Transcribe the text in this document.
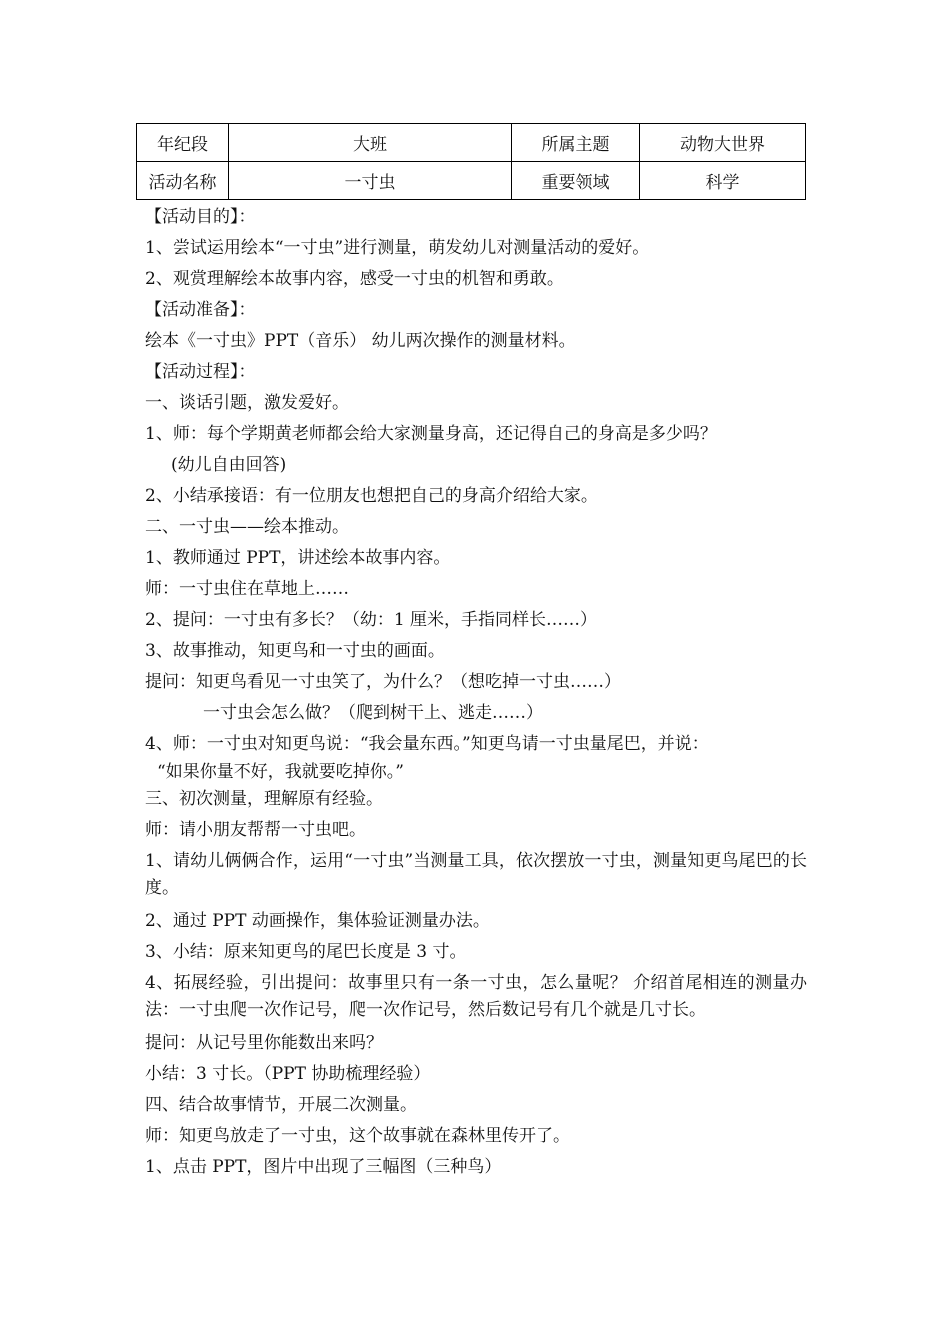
年纪段	大班	所属主题	动物大世界
活动名称	一寸虫	重要领域	科学
【活动目的】：
1、尝试运用绘本“一寸虫”进行测量，萌发幼儿对测量活动的爱好。
2、观赏理解绘本故事内容，感受一寸虫的机智和勇敢。
【活动准备】：
绘本《一寸虫》PPT（音乐） 幼儿两次操作的测量材料。
【活动过程】：
一、谈话引题，激发爱好。
1、师：每个学期黄老师都会给大家测量身高，还记得自己的身高是多少吗？
(幼儿自由回答)
2、小结承接语：有一位朋友也想把自己的身高介绍给大家。
二、一寸虫——绘本推动。
1、教师通过 PPT，讲述绘本故事内容。
师：一寸虫住在草地上……
2、提问：一寸虫有多长？（幼：1 厘米，手指同样长……）
3、故事推动，知更鸟和一寸虫的画面。
提问：知更鸟看见一寸虫笑了，为什么？（想吃掉一寸虫……）
一寸虫会怎么做？（爬到树干上、逃走……）
4、师：一寸虫对知更鸟说：“我会量东西。”知更鸟请一寸虫量尾巴，并说：
“如果你量不好，我就要吃掉你。”
三、初次测量，理解原有经验。
师：请小朋友帮帮一寸虫吧。
1、请幼儿俩俩合作，运用“一寸虫”当测量工具，依次摆放一寸虫，测量知更鸟尾巴的长度。
2、通过 PPT 动画操作，集体验证测量办法。
3、小结：原来知更鸟的尾巴长度是 3 寸。
4、拓展经验，引出提问：故事里只有一条一寸虫，怎么量呢？ 介绍首尾相连的测量办法：一寸虫爬一次作记号，爬一次作记号，然后数记号有几个就是几寸长。
提问：从记号里你能数出来吗？
小结：3 寸长。（PPT 协助梳理经验）
四、结合故事情节，开展二次测量。
师：知更鸟放走了一寸虫，这个故事就在森林里传开了。
1、点击 PPT，图片中出现了三幅图（三种鸟）
